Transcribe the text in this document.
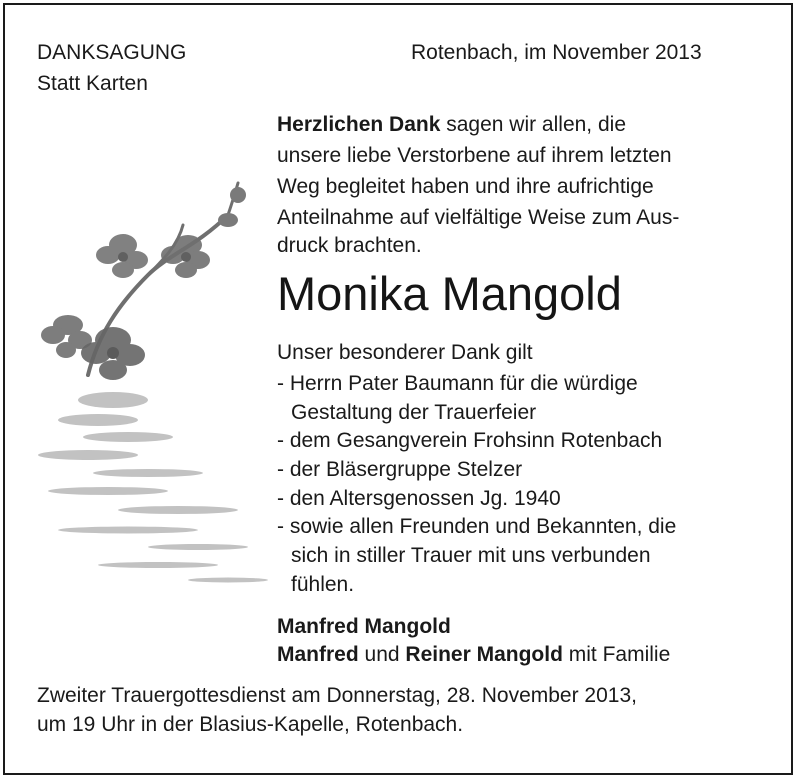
DANKSAGUNG
Statt Karten
Rotenbach, im November 2013
Herzlichen Dank sagen wir allen, die
unsere liebe Verstorbene auf ihrem letzten
Weg begleitet haben und ihre aufrichtige
Anteilnahme auf vielfältige Weise zum Aus-
druck brachten.
Monika Mangold
Unser besonderer Dank gilt
- Herrn Pater Baumann für die würdige
Gestaltung der Trauerfeier
- dem Gesangverein Frohsinn Rotenbach
- der Bläsergruppe Stelzer
- den Altersgenossen Jg. 1940
- sowie allen Freunden und Bekannten, die
sich in stiller Trauer mit uns verbunden
fühlen.
Manfred Mangold
Manfred und Reiner Mangold mit Familie
Zweiter Trauergottesdienst am Donnerstag, 28. November 2013,
um 19 Uhr in der Blasius-Kapelle, Rotenbach.
